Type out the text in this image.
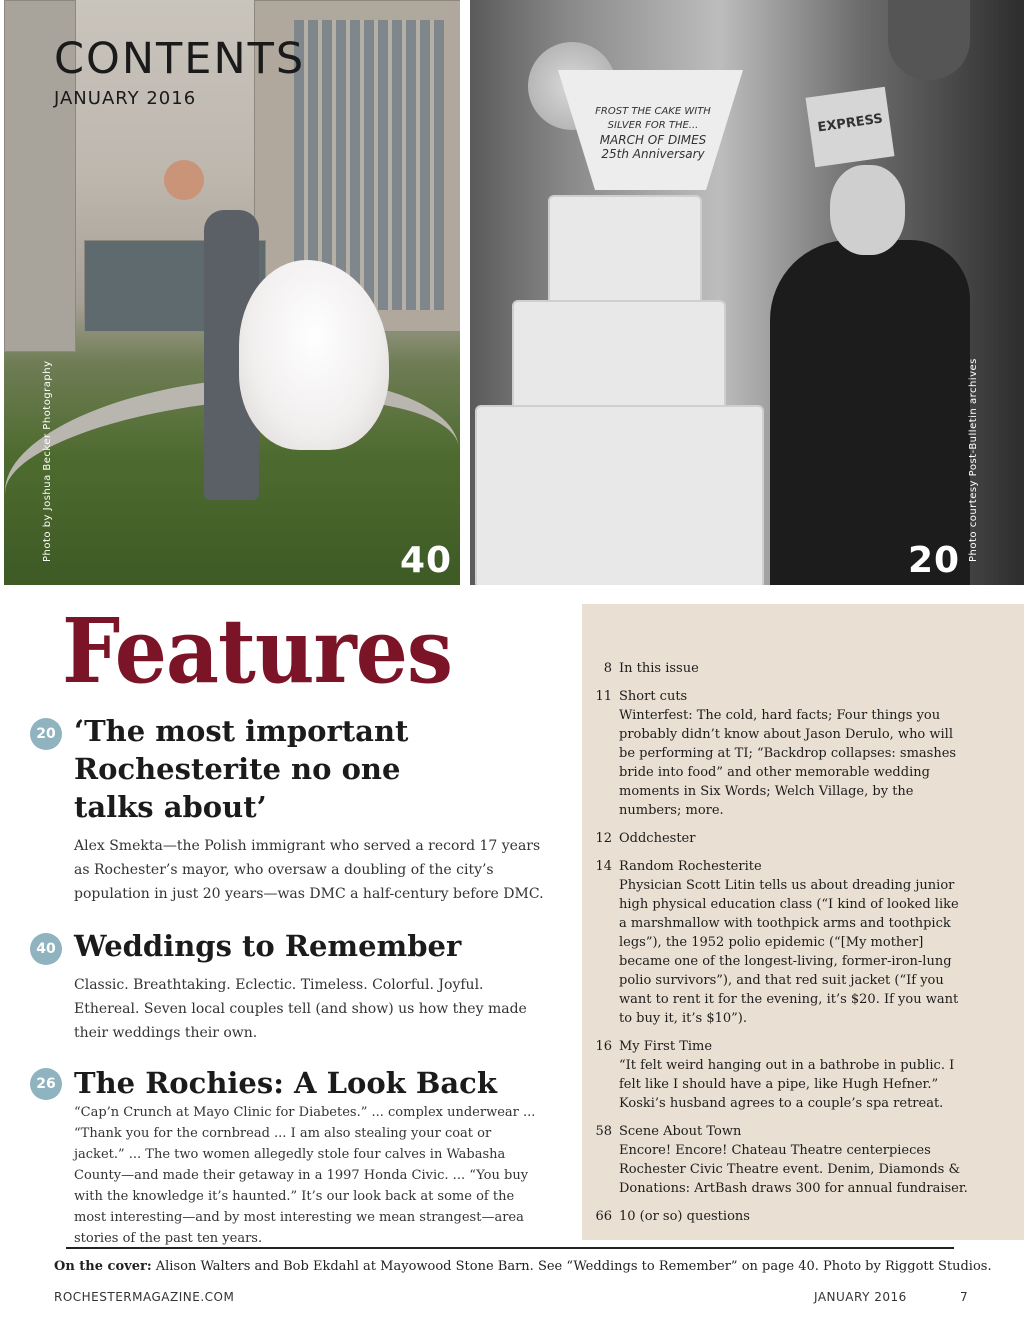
EXPRESS
FROST THE CAKE WITH
SILVER FOR THE...
MARCH OF DIMES
25th Anniversary
CONTENTS
JANUARY 2016
40	20
Photo by Joshua Becker Photography	Photo courtesy Post-Bulletin archives
Features
20 ‘The most important Rochesterite no one talks about’
Alex Smekta—the Polish immigrant who served a record 17 years as Rochester’s mayor, who oversaw a doubling of the city’s population in just 20 years—was DMC a half-century before DMC.
40 Weddings to Remember
Classic. Breathtaking. Eclectic. Timeless. Colorful. Joyful. Ethereal. Seven local couples tell (and show) us how they made their weddings their own.
26 The Rochies: A Look Back
“Cap’n Crunch at Mayo Clinic for Diabetes.” ... complex underwear ... “Thank you for the cornbread ... I am also stealing your coat or jacket.” ... The two women allegedly stole four calves in Wabasha County—and made their getaway in a 1997 Honda Civic. ... “You buy with the knowledge it’s haunted.” It’s our look back at some of the most interesting—and by most interesting we mean strangest—area stories of the past ten years.
8 In this issue
11 Short cuts
Winterfest: The cold, hard facts; Four things you probably didn’t know about Jason Derulo, who will be performing at TI; “Backdrop collapses: smashes bride into food” and other memorable wedding moments in Six Words; Welch Village, by the numbers; more.
12 Oddchester
14 Random Rochesterite
Physician Scott Litin tells us about dreading junior high physical education class (“I kind of looked like a marshmallow with toothpick arms and toothpick legs”), the 1952 polio epidemic (“[My mother] became one of the longest-living, former-iron-lung polio survivors”), and that red suit jacket (“If you want to rent it for the evening, it’s $20. If you want to buy it, it’s $10”).
16 My First Time
“It felt weird hanging out in a bathrobe in public. I felt like I should have a pipe, like Hugh Hefner.” Koski’s husband agrees to a couple’s spa retreat.
58 Scene About Town
Encore! Encore! Chateau Theatre centerpieces Rochester Civic Theatre event. Denim, Diamonds & Donations: ArtBash draws 300 for annual fundraiser.
66 10 (or so) questions
On the cover: Alison Walters and Bob Ekdahl at Mayowood Stone Barn. See “Weddings to Remember” on page 40. Photo by Riggott Studios.
ROCHESTERMAGAZINE.COM	JANUARY 2016	7
